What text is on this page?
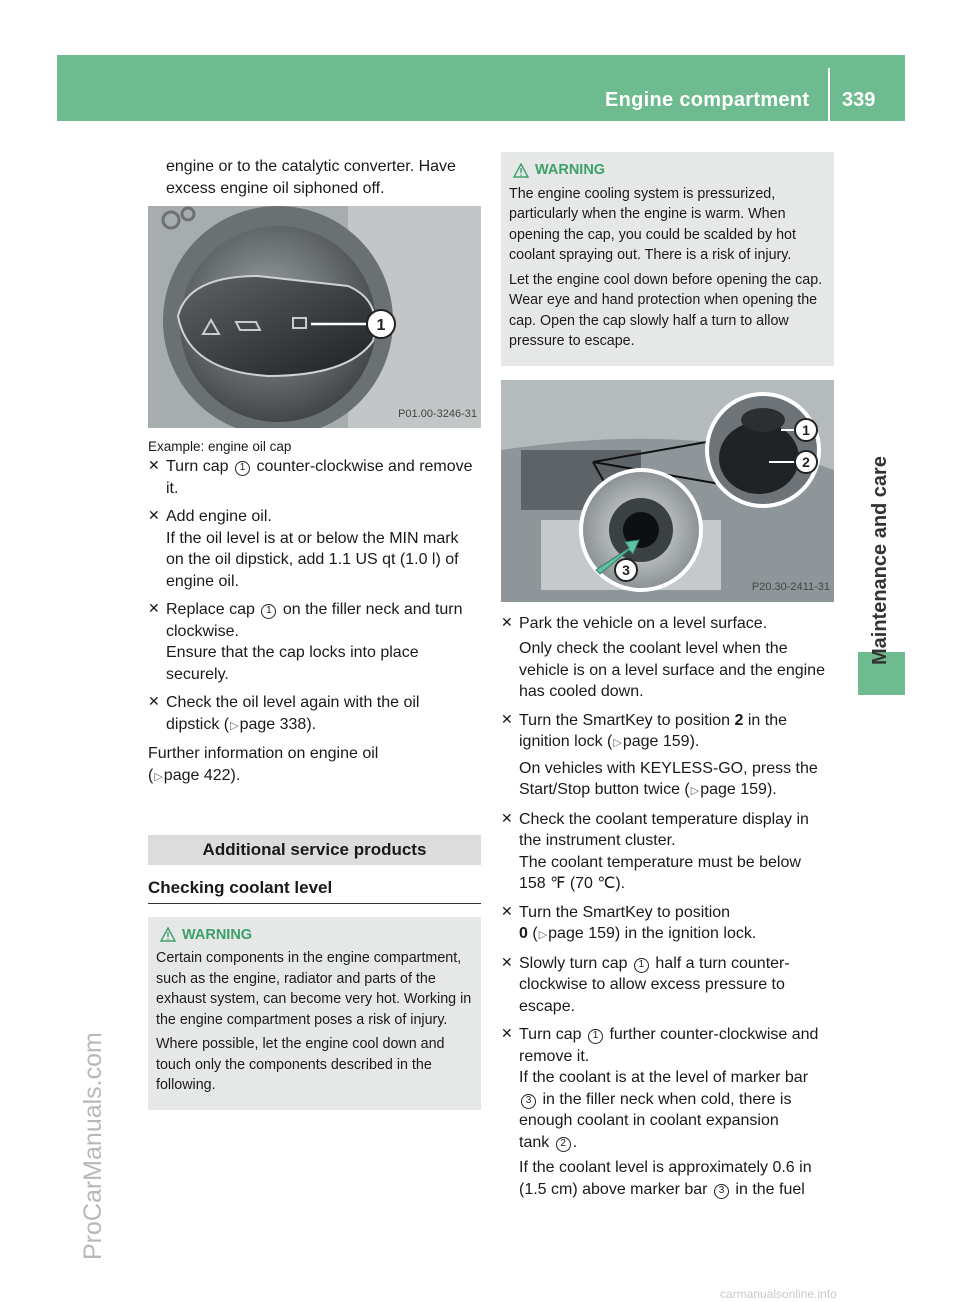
Engine compartment 339
Maintenance and care
ProCarManuals.com
carmanualsonline.info
engine or to the catalytic converter. Have
excess engine oil siphoned off.
1
P01.00-3246-31
Example: engine oil cap
✕ Turn cap 1 counter-clockwise and remove
it.
✕ Add engine oil.
If the oil level is at or below the MIN mark
on the oil dipstick, add 1.1 US qt (1.0 l) of
engine oil.
✕ Replace cap 1 on the filler neck and turn
clockwise.
Ensure that the cap locks into place
securely.
✕ Check the oil level again with the oil
dipstick (▷page 338).
Further information on engine oil
(▷page 422).
Additional service products
Checking coolant level
WARNING

Certain components in the engine compartment, such as the engine, radiator and parts of the exhaust system, can become very hot. Working in the engine compartment poses a risk of injury.

Where possible, let the engine cool down and touch only the components described in the following.

WARNING

The engine cooling system is pressurized, particularly when the engine is warm. When opening the cap, you could be scalded by hot coolant spraying out. There is a risk of injury.

Let the engine cool down before opening the cap. Wear eye and hand protection when opening the cap. Open the cap slowly half a turn to allow pressure to escape.

1
2
3
P20.30-2411-31
✕ Park the vehicle on a level surface.
Only check the coolant level when the
vehicle is on a level surface and the engine
has cooled down.
✕ Turn the SmartKey to position 2 in the
ignition lock (▷page 159).
On vehicles with KEYLESS-GO, press the
Start/Stop button twice (▷page 159).
✕ Check the coolant temperature display in
the instrument cluster.
The coolant temperature must be below
158 ℉ (70 ℃).
✕ Turn the SmartKey to position
0 (▷page 159) in the ignition lock.
✕ Slowly turn cap 1 half a turn counter-
clockwise to allow excess pressure to
escape.
✕ Turn cap 1 further counter-clockwise and
remove it.
If the coolant is at the level of marker bar
3 in the filler neck when cold, there is
enough coolant in coolant expansion
tank 2 .
If the coolant level is approximately 0.6 in
(1.5 cm) above marker bar 3 in the fuel
